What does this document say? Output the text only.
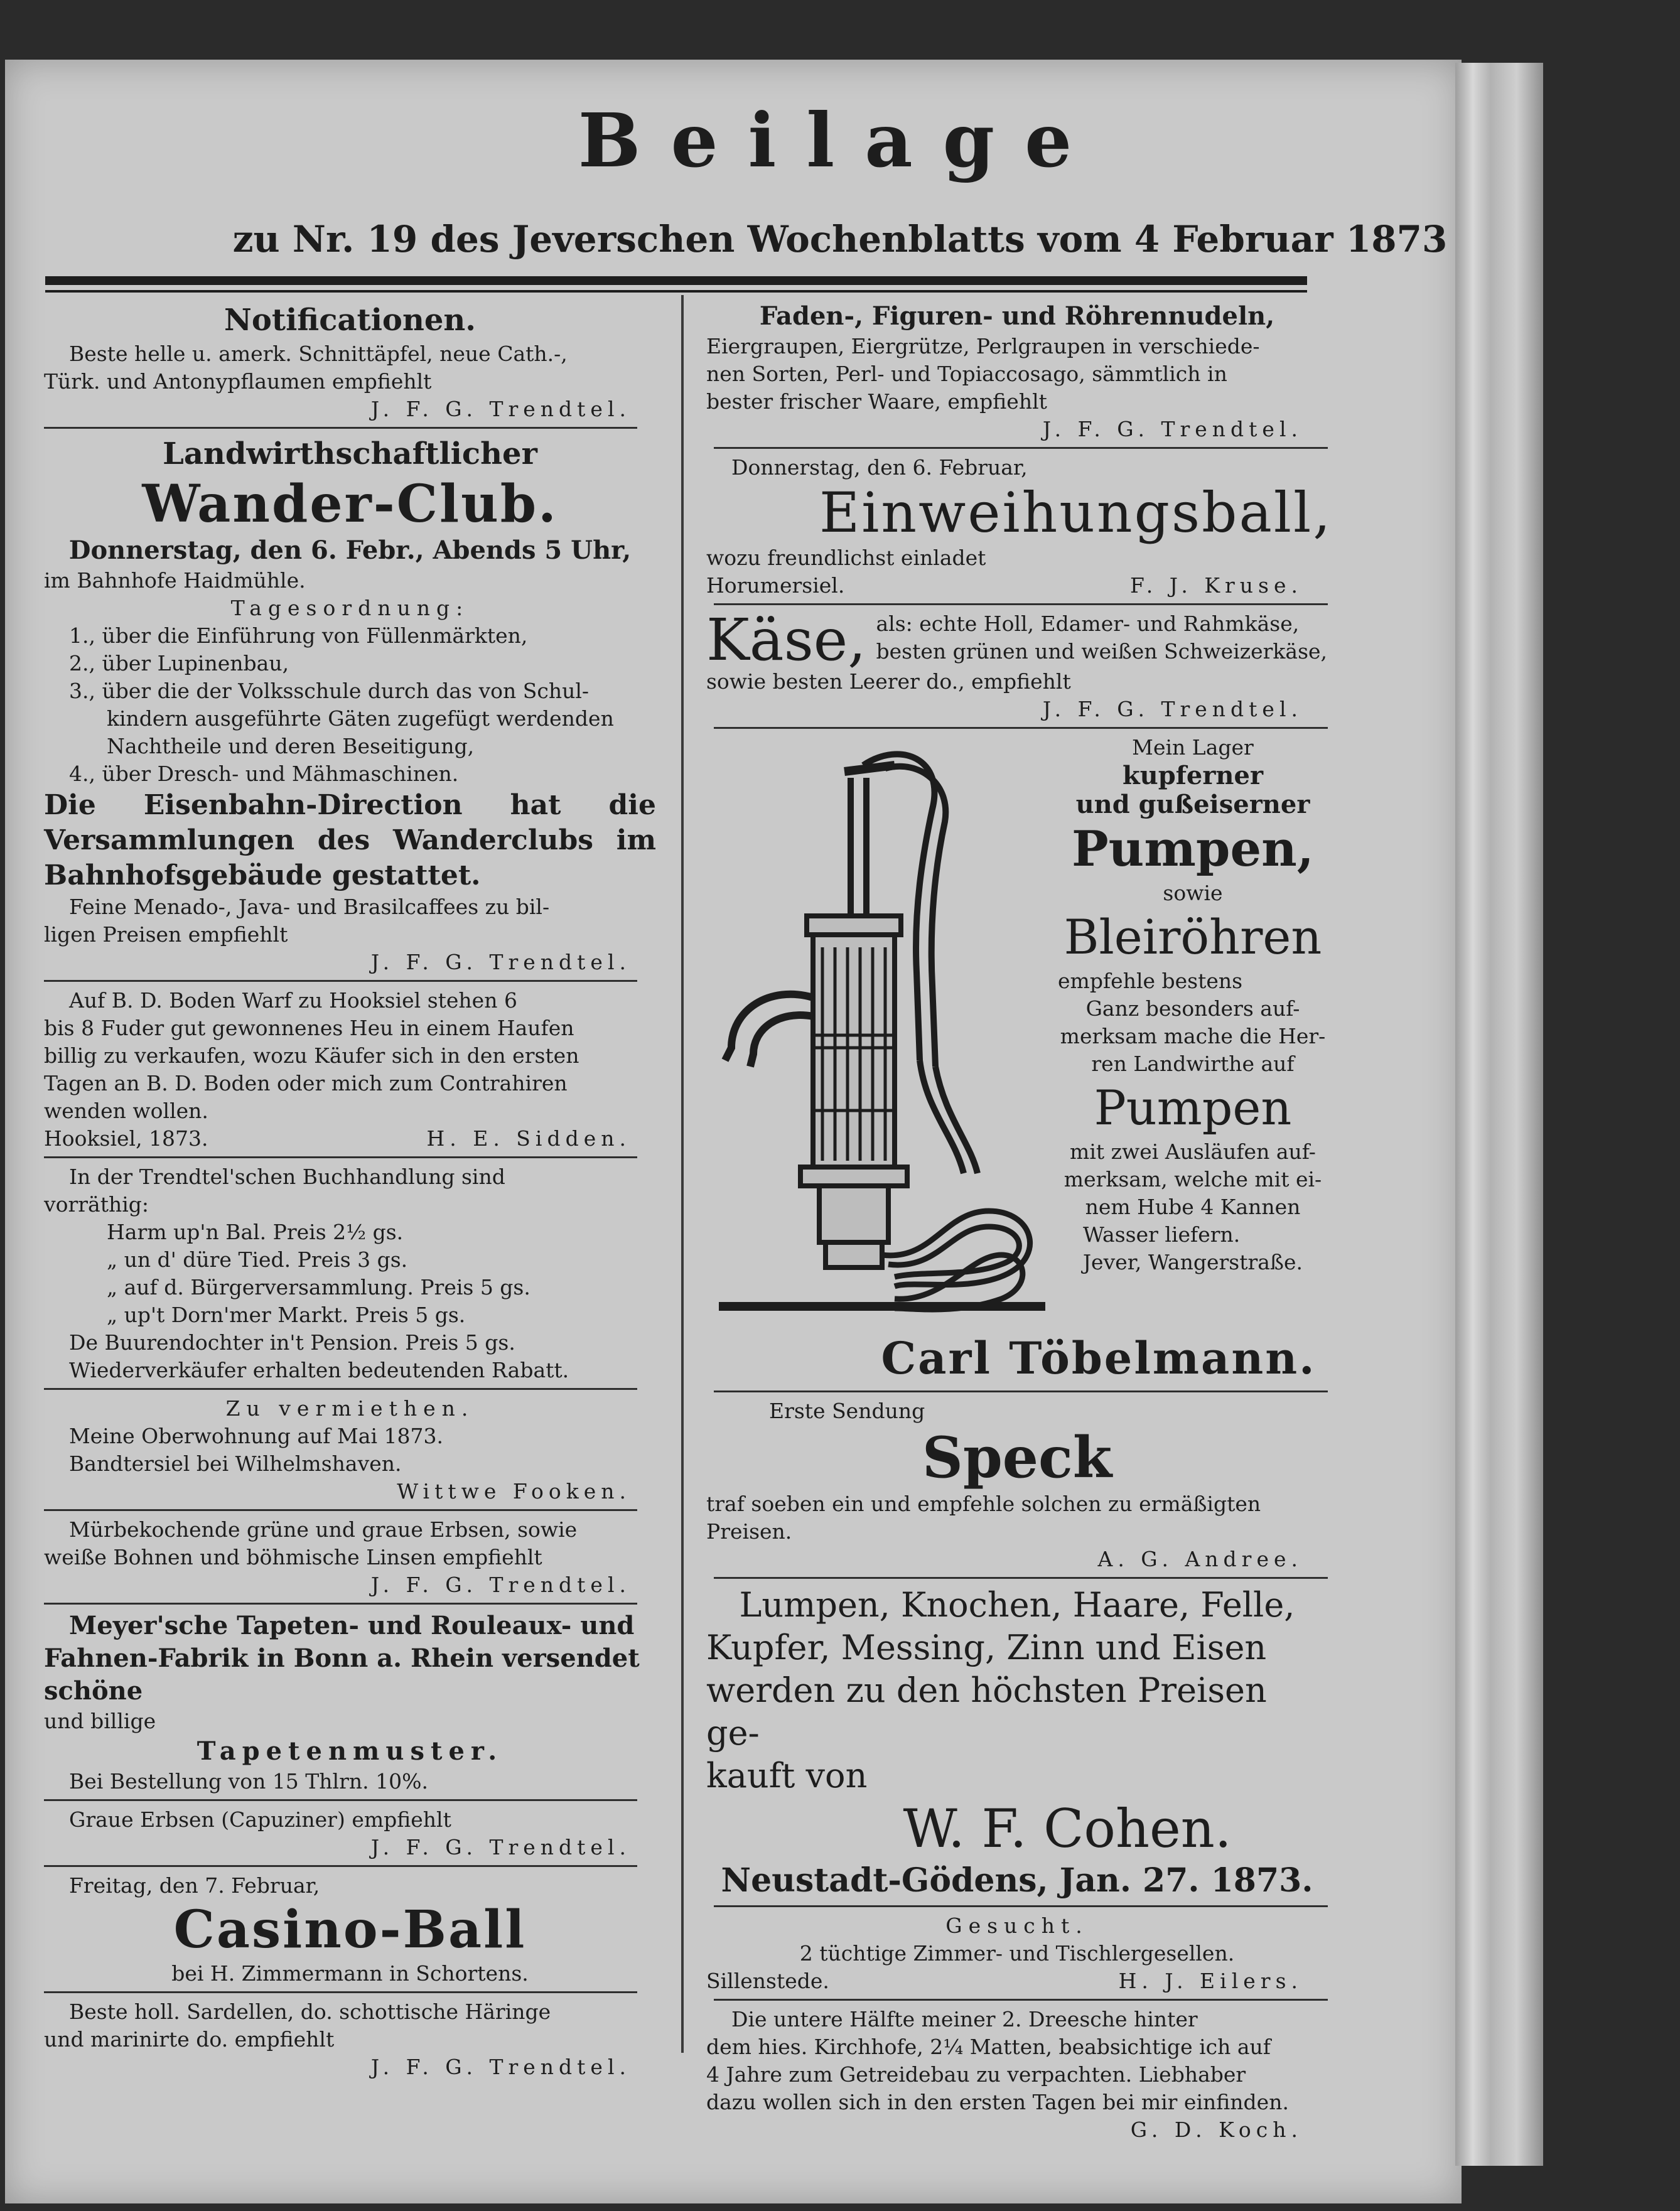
Beilage
zu Nr. 19 des Jeverschen Wochenblatts vom 4 Februar 1873
Notificationen.
Beste helle u. amerk. Schnittäpfel, neue Cath.-,
Türk. und Antonypflaumen empfiehlt
J. F. G. Trendtel.
Landwirthschaftlicher
Wander-Club.
Donnerstag, den 6. Febr., Abends 5 Uhr,
im Bahnhofe Haidmühle.
Tagesordnung:
1., über die Einführung von Füllenmärkten,
2., über Lupinenbau,
3., über die der Volksschule durch das von Schul-
kindern ausgeführte Gäten zugefügt werdenden
Nachtheile und deren Beseitigung,
4., über Dresch- und Mähmaschinen.
Die Eisenbahn-Direction hat die
Versammlungen des Wanderclubs im
Bahnhofsgebäude gestattet.
Feine Menado-, Java- und Brasilcaffees zu bil-
ligen Preisen empfiehlt
J. F. G. Trendtel.
Auf B. D. Boden Warf zu Hooksiel stehen 6
bis 8 Fuder gut gewonnenes Heu in einem Haufen
billig zu verkaufen, wozu Käufer sich in den ersten
Tagen an B. D. Boden oder mich zum Contrahiren
wenden wollen.
Hooksiel, 1873.	H. E. Sidden.
In der Trendtel'schen Buchhandlung sind
vorräthig:
Harm up'n Bal. Preis 2½ gs.
„ un d' düre Tied. Preis 3 gs.
„ auf d. Bürgerversammlung. Preis 5 gs.
„ up't Dorn'mer Markt. Preis 5 gs.
De Buurendochter in't Pension. Preis 5 gs.
Wiederverkäufer erhalten bedeutenden Rabatt.
Zu vermiethen.
Meine Oberwohnung auf Mai 1873.
Bandtersiel bei Wilhelmshaven.
Wittwe Fooken.
Mürbekochende grüne und graue Erbsen, sowie
weiße Bohnen und böhmische Linsen empfiehlt
J. F. G. Trendtel.
Meyer'sche Tapeten- und Rouleaux- und
Fahnen-Fabrik in Bonn a. Rhein versendet schöne
und billige
Tapetenmuster.
Bei Bestellung von 15 Thlrn. 10%.
Graue Erbsen (Capuziner) empfiehlt
J. F. G. Trendtel.
Freitag, den 7. Februar,
Casino-Ball
bei H. Zimmermann in Schortens.
Beste holl. Sardellen, do. schottische Häringe
und marinirte do. empfiehlt
J. F. G. Trendtel.
Faden-, Figuren- und Röhrennudeln,
Eiergraupen, Eiergrütze, Perlgraupen in verschiede-
nen Sorten, Perl- und Topiaccosago, sämmtlich in
bester frischer Waare, empfiehlt
J. F. G. Trendtel.
Donnerstag, den 6. Februar,
Einweihungsball,
wozu freundlichst einladet
Horumersiel.	F. J. Kruse.
Käse, als: echte Holl, Edamer- und Rahmkäse,
besten grünen und weißen Schweizerkäse,
sowie besten Leerer do., empfiehlt
J. F. G. Trendtel.
Mein Lager
kupferner
und gußeiserner
Pumpen,
sowie
Bleiröhren
empfehle bestens
Ganz besonders auf-
merksam mache die Her-
ren Landwirthe auf
Pumpen
mit zwei Ausläufen auf-
merksam, welche mit ei-
nem Hube 4 Kannen
Wasser liefern.
Jever, Wangerstraße.
Carl Töbelmann.
Erste Sendung
Speck
traf soeben ein und empfehle solchen zu ermäßigten
Preisen.
A. G. Andree.
Lumpen, Knochen, Haare, Felle,
Kupfer, Messing, Zinn und Eisen
werden zu den höchsten Preisen ge-
kauft von
W. F. Cohen.
Neustadt-Gödens, Jan. 27. 1873.
Gesucht.
2 tüchtige Zimmer- und Tischlergesellen.
Sillenstede.	H. J. Eilers.
Die untere Hälfte meiner 2. Dreesche hinter
dem hies. Kirchhofe, 2¼ Matten, beabsichtige ich auf
4 Jahre zum Getreidebau zu verpachten. Liebhaber
dazu wollen sich in den ersten Tagen bei mir einfinden.
G. D. Koch.
